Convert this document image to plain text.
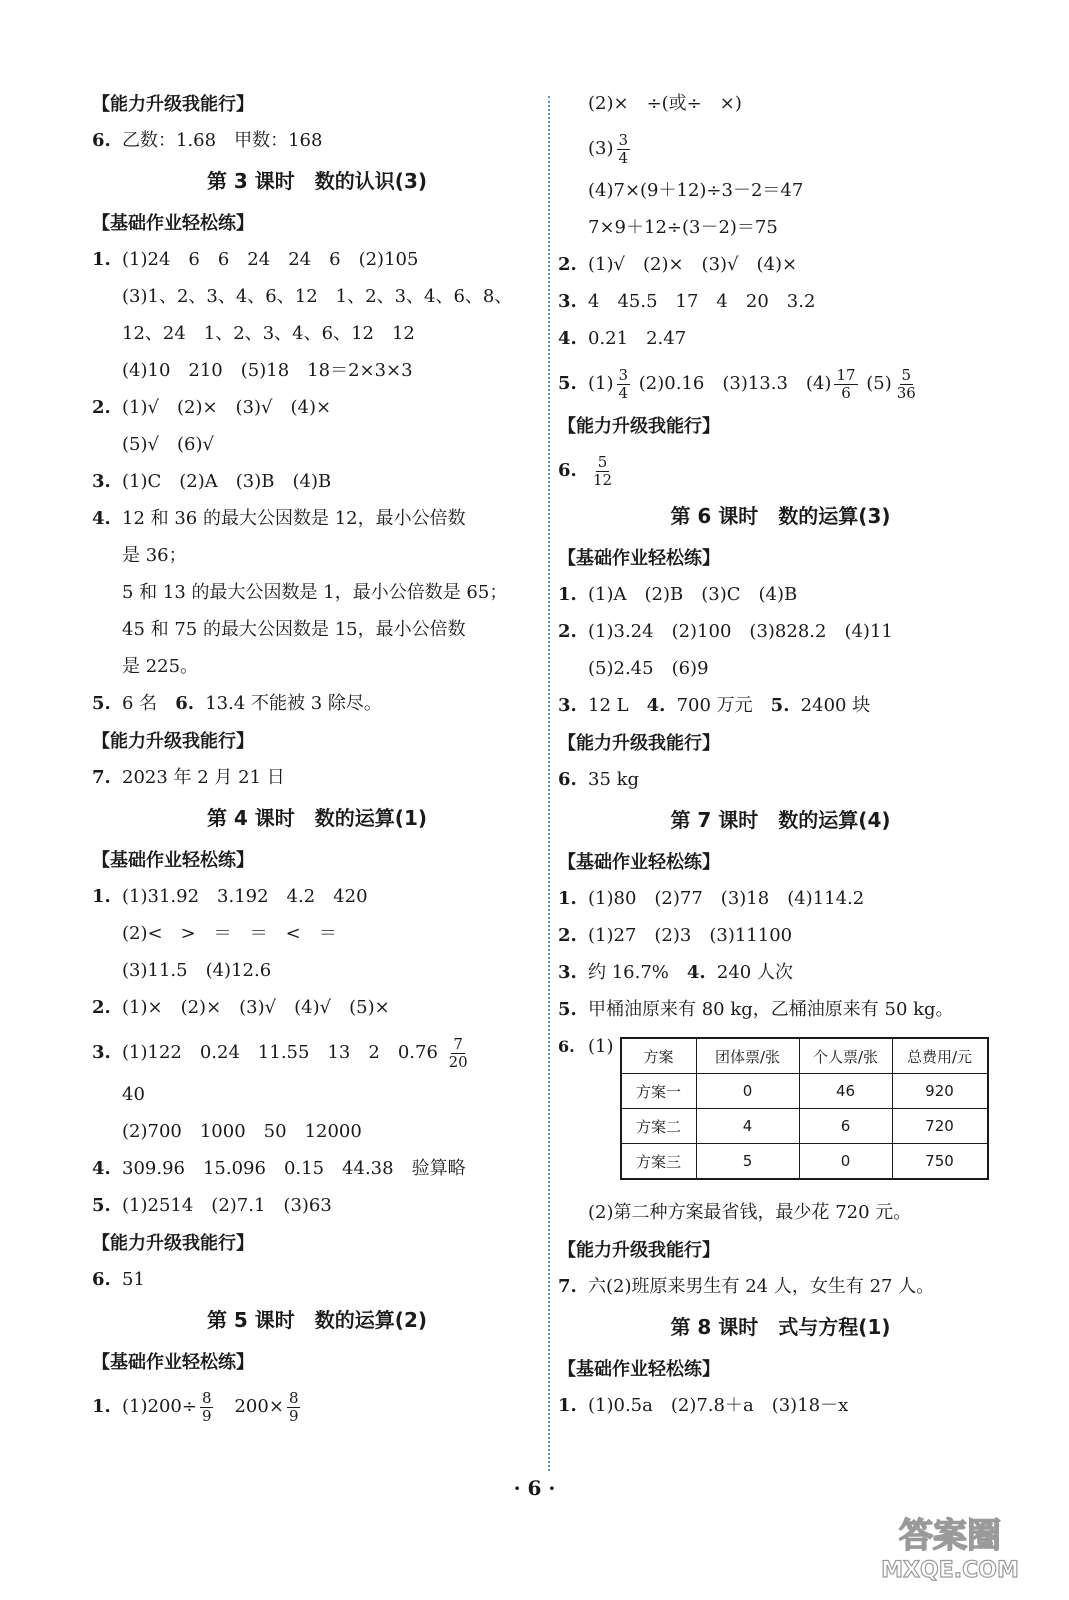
【能力升级我能行】
6. 乙数：1.68　甲数：168
第 3 课时　数的认识(3)
【基础作业轻松练】
1. (1)24　6　6　24　24　6　(2)105
(3)1、2、3、4、6、12　1、2、3、4、6、8、
12、24　1、2、3、4、6、12　12
(4)10　210　(5)18　18＝2×3×3
2. (1)√　(2)×　(3)√　(4)×
(5)√　(6)√
3. (1)C　(2)A　(3)B　(4)B
4. 12 和 36 的最大公因数是 12，最小公倍数
是 36；
5 和 13 的最大公因数是 1，最小公倍数是 65；
45 和 75 的最大公因数是 15，最小公倍数
是 225。
5. 6 名　 6. 13.4 不能被 3 除尽。
【能力升级我能行】
7. 2023 年 2 月 21 日
第 4 课时　数的运算(1)
【基础作业轻松练】
1. (1)31.92　3.192　4.2　420
(2)<　>　＝　＝　<　＝
(3)11.5　(4)12.6
2. (1)×　(2)×　(3)√　(4)√　(5)×
3. (1)122　0.24　11.55　13　2　$0.76 \frac{7}{20}$
40
(2)700　1000　50　12000
4. 309.96　15.096　0.15　44.38　验算略
5. (1)2514　(2)7.1　(3)63
【能力升级我能行】
6. 51
第 5 课时　数的运算(2)
【基础作业轻松练】
1. $(1)200\div \frac{8}{9}$
　 $200\times \frac{8}{9}$
(2)×　÷(或÷　×)
$(3) \frac{3}{4}$
(4)7×(9＋12)÷3－2＝47
7×9＋12÷(3－2)＝75
2. (1)√　(2)×　(3)√　(4)×
3. 4　45.5　17　4　20　3.2
4. 0.21　2.47
5. $(1) \frac{3}{4} (2)0.16$　(3)13.3　$(4) \frac{17}{6} (5) \frac{5}{36}$
【能力升级我能行】
6. $\frac{5}{12}$
第 6 课时　数的运算(3)
【基础作业轻松练】
1. (1)A　(2)B　(3)C　(4)B
2. (1)3.24　(2)100　(3)828.2　(4)11
(5)2.45　(6)9
3. 12 L　 4. 700 万元　 5. 2400 块
【能力升级我能行】
6. 35 kg
第 7 课时　数的运算(4)
【基础作业轻松练】
1. (1)80　(2)77　(3)18　(4)114.2
2. (1)27　(2)3　(3)11100
3. 约 16.7%　 4. 240 人次
5. 甲桶油原来有 80 kg，乙桶油原来有 50 kg。
6. (1) 方案	团体票/张	个人票/张	总费用/元
方案一	0	46	920
方案二	4	6	720
方案三	5	0	750
(2)第二种方案最省钱，最少花 720 元。
【能力升级我能行】
7. 六(2)班原来男生有 24 人，女生有 27 人。
第 8 课时　式与方程(1)
【基础作业轻松练】
1. (1)0.5a　(2)7.8＋a　(3)18－x
· 6 ·
答案圈
MXQE.COM
